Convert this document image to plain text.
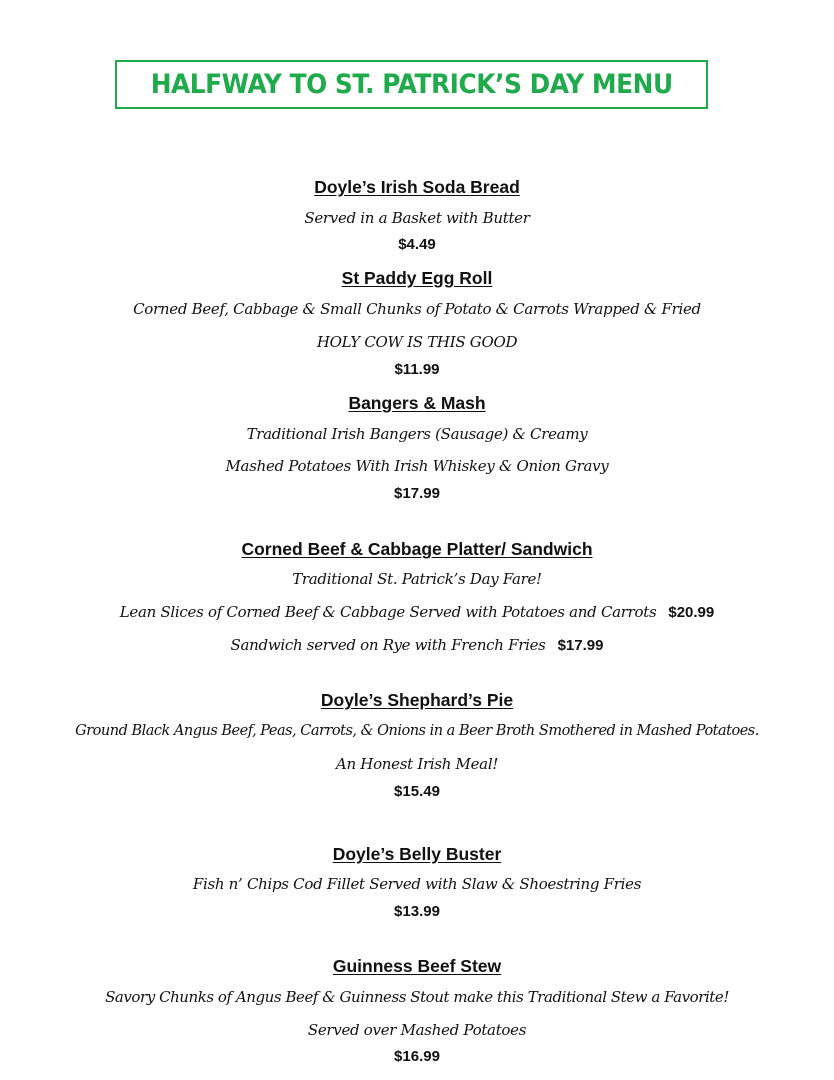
HALFWAY TO ST. PATRICK’S DAY MENU
Doyle’s Irish Soda Bread
Served in a Basket with Butter
$4.49
St Paddy Egg Roll
Corned Beef, Cabbage & Small Chunks of Potato & Carrots Wrapped & Fried
HOLY COW IS THIS GOOD
$11.99
Bangers & Mash
Traditional Irish Bangers (Sausage) & Creamy
Mashed Potatoes With Irish Whiskey & Onion Gravy
$17.99
Corned Beef & Cabbage Platter/ Sandwich
Traditional St. Patrick’s Day Fare!
Lean Slices of Corned Beef & Cabbage Served with Potatoes and Carrots $20.99
Sandwich served on Rye with French Fries $17.99
Doyle’s Shephard’s Pie
Ground Black Angus Beef, Peas, Carrots, & Onions in a Beer Broth Smothered in Mashed Potatoes.
An Honest Irish Meal!
$15.49
Doyle’s Belly Buster
Fish n’ Chips Cod Fillet Served with Slaw & Shoestring Fries
$13.99
Guinness Beef Stew
Savory Chunks of Angus Beef & Guinness Stout make this Traditional Stew a Favorite!
Served over Mashed Potatoes
$16.99
